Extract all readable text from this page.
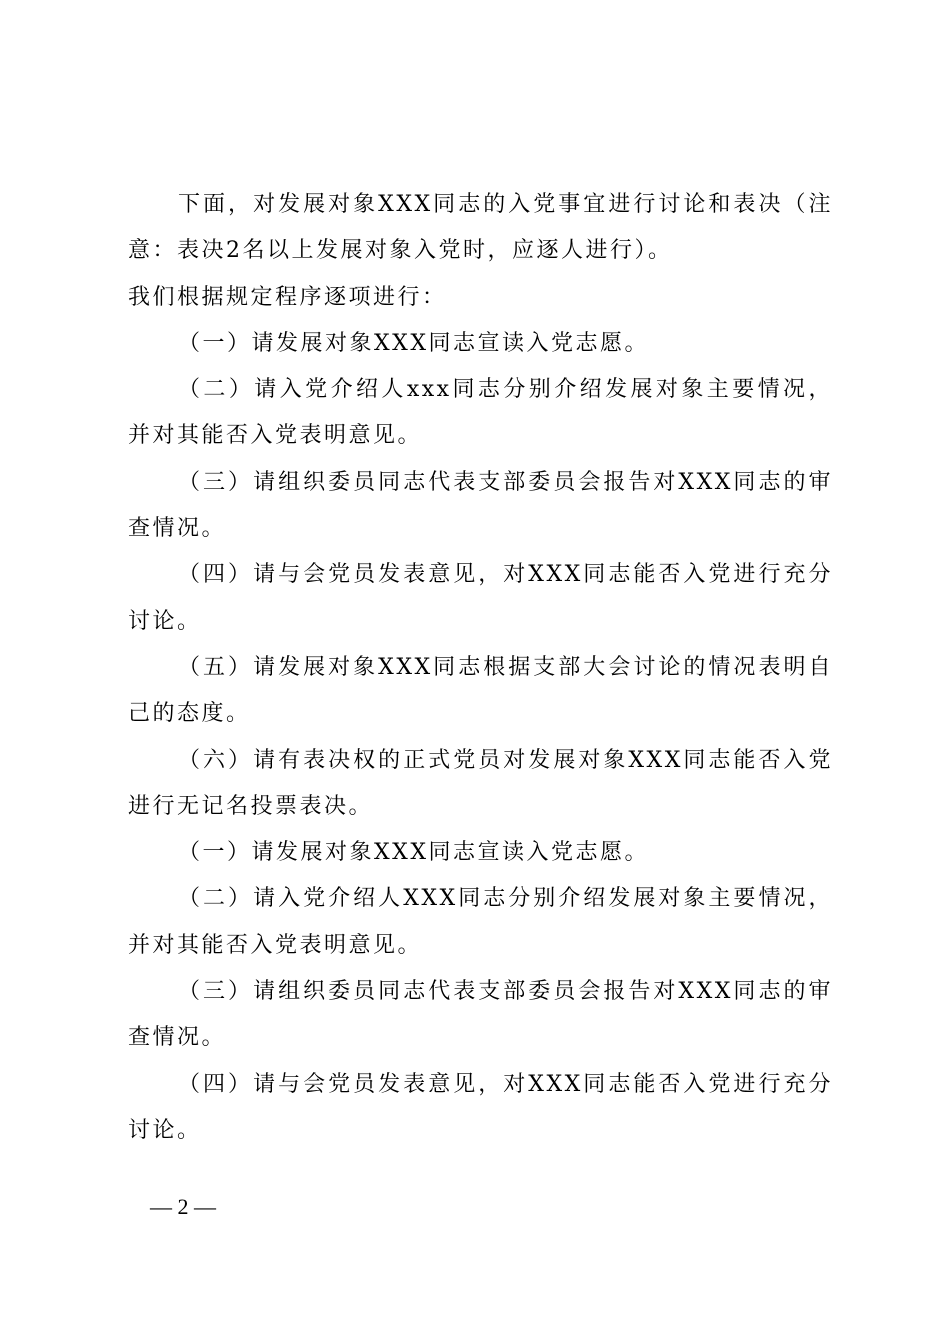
下面，对发展对象XXX同志的入党事宜进行讨论和表决（注意：表决2名以上发展对象入党时，应逐人进行）。

我们根据规定程序逐项进行：

（一）请发展对象XXX同志宣读入党志愿。

（二）请入党介绍人xxx同志分别介绍发展对象主要情况，并对其能否入党表明意见。

（三）请组织委员同志代表支部委员会报告对XXX同志的审查情况。

（四）请与会党员发表意见，对XXX同志能否入党进行充分讨论。

（五）请发展对象XXX同志根据支部大会讨论的情况表明自己的态度。

（六）请有表决权的正式党员对发展对象XXX同志能否入党进行无记名投票表决。

（一）请发展对象XXX同志宣读入党志愿。

（二）请入党介绍人XXX同志分别介绍发展对象主要情况，并对其能否入党表明意见。

（三）请组织委员同志代表支部委员会报告对XXX同志的审查情况。

（四）请与会党员发表意见，对XXX同志能否入党进行充分讨论。

— 2 —
